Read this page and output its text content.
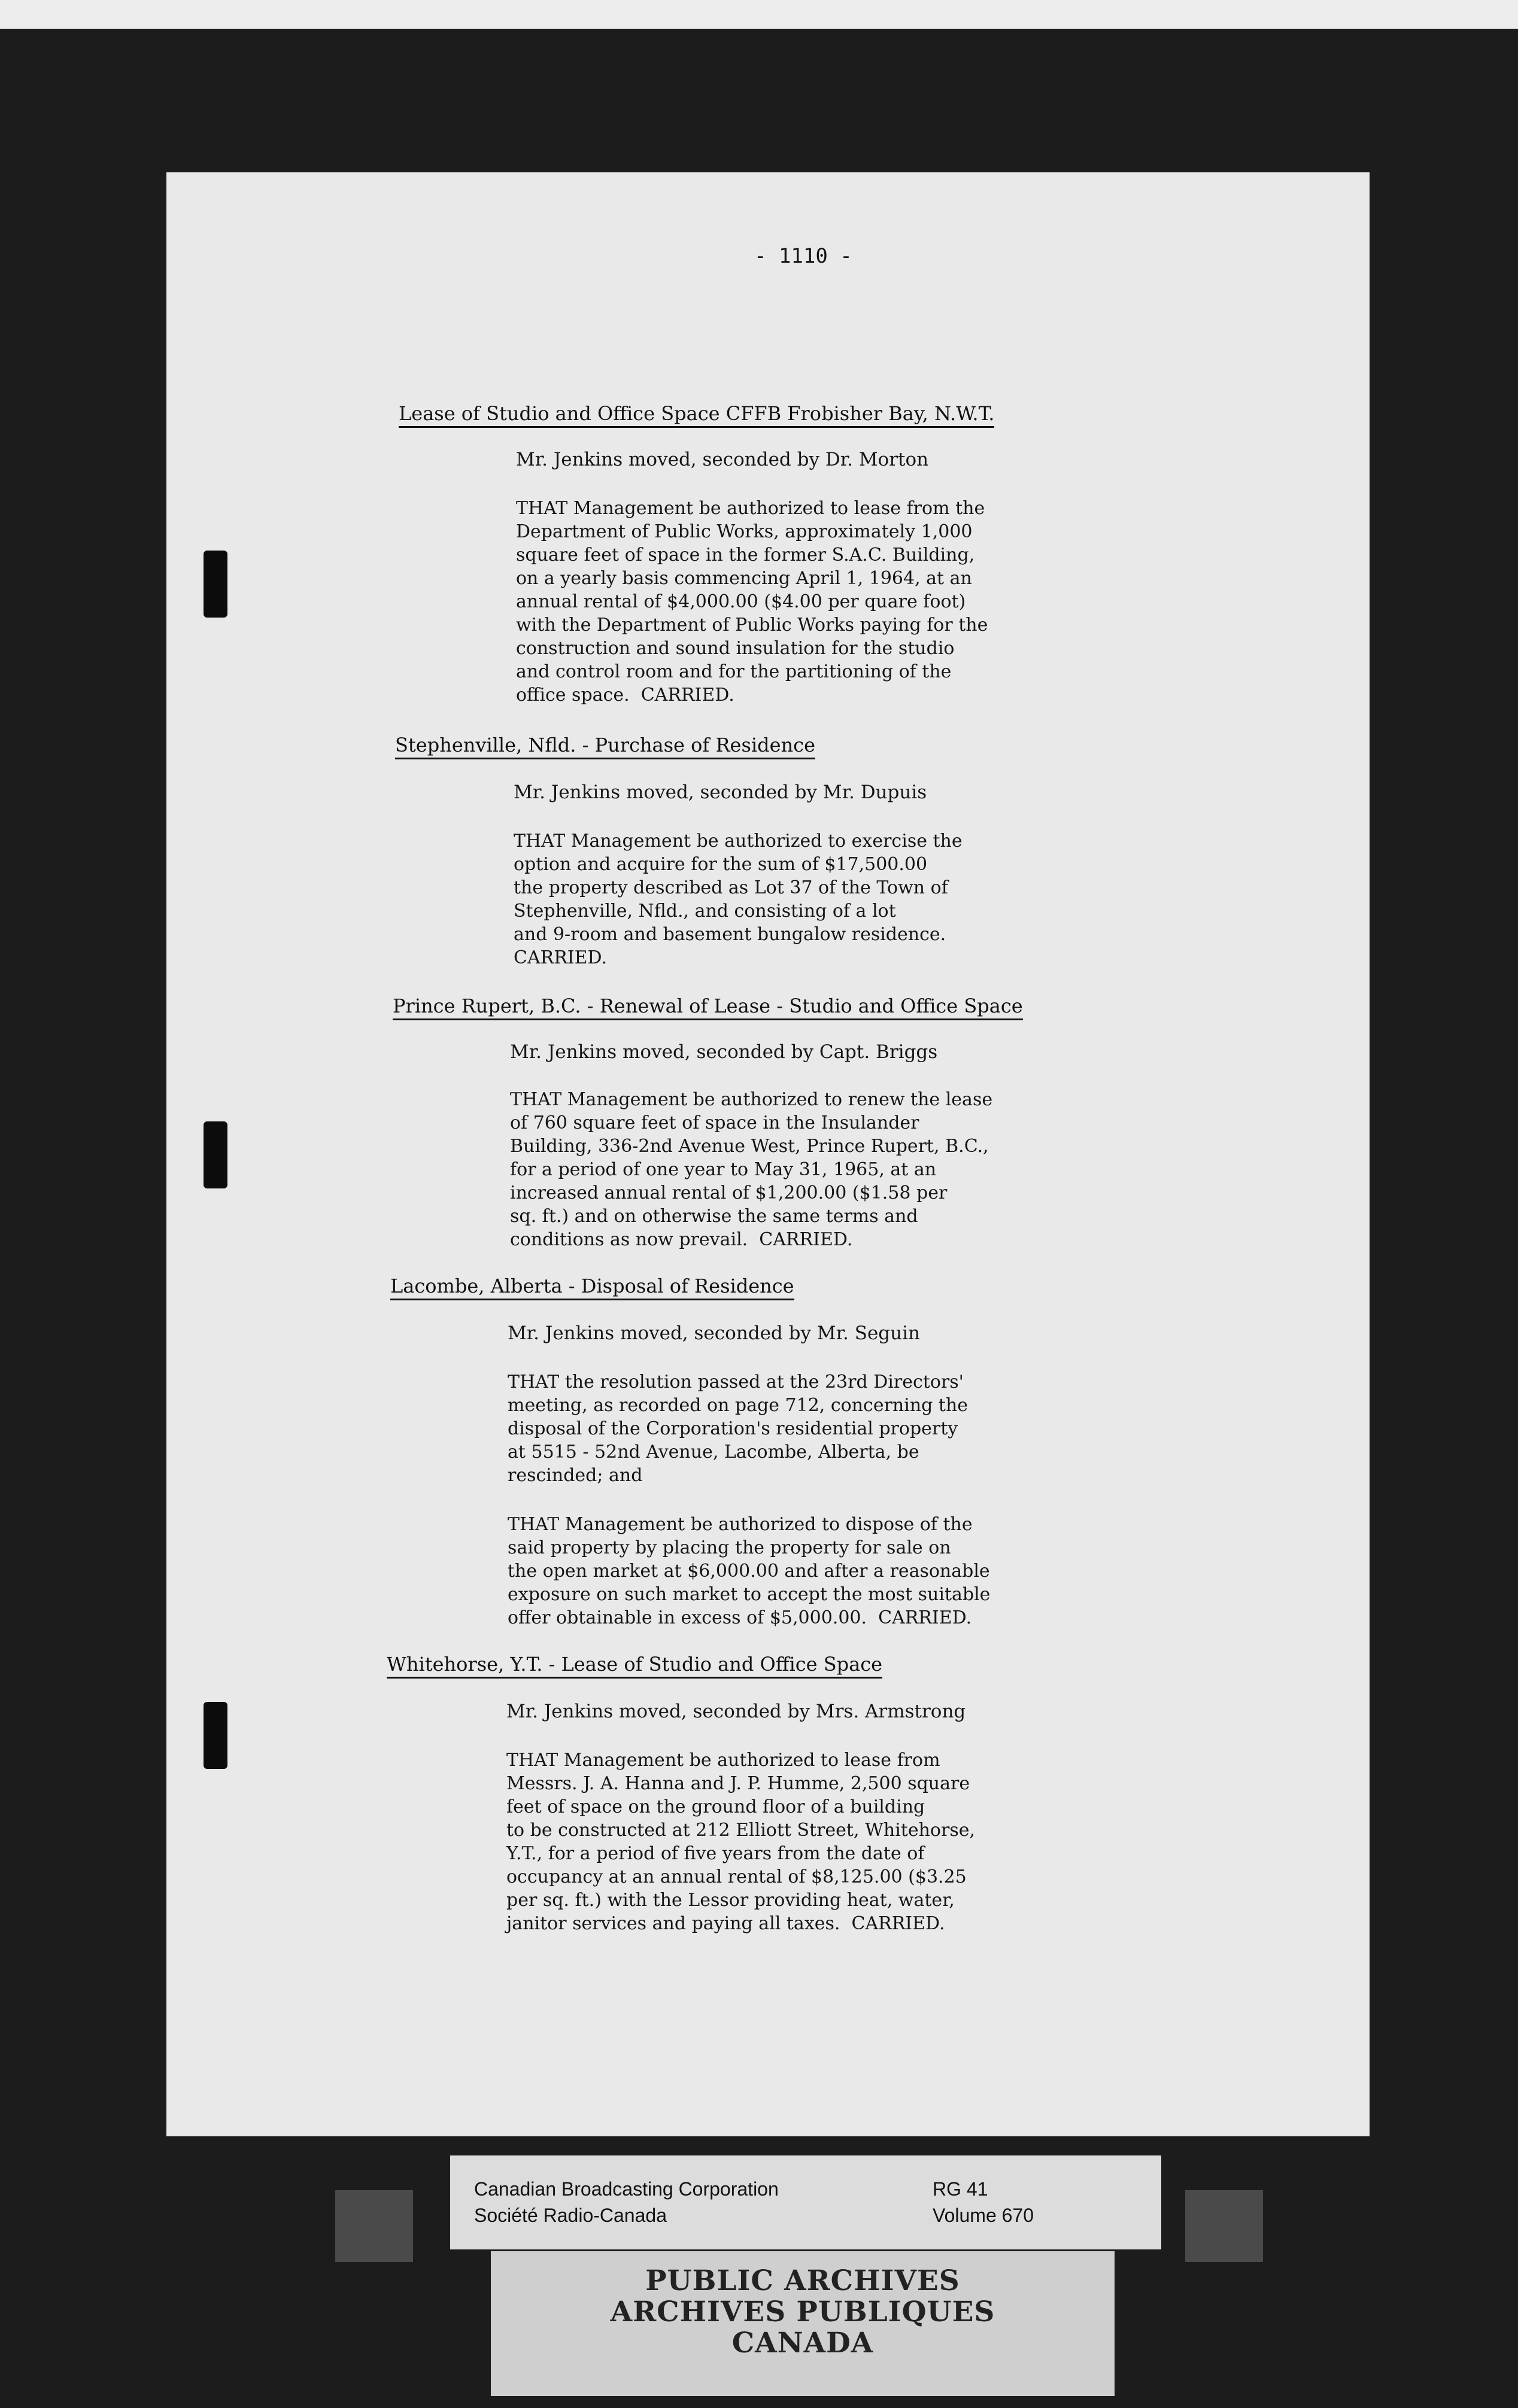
- 1110 -
Lease of Studio and Office Space CFFB Frobisher Bay, N.W.T.
Mr. Jenkins moved, seconded by Dr. Morton
THAT Management be authorized to lease from the
Department of Public Works, approximately 1,000
square feet of space in the former S.A.C. Building,
on a yearly basis commencing April 1, 1964, at an
annual rental of $4,000.00 ($4.00 per quare foot)
with the Department of Public Works paying for the
construction and sound insulation for the studio
and control room and for the partitioning of the
office space.  CARRIED.
Stephenville, Nfld. - Purchase of Residence
Mr. Jenkins moved, seconded by Mr. Dupuis
THAT Management be authorized to exercise the
option and acquire for the sum of $17,500.00
the property described as Lot 37 of the Town of
Stephenville, Nfld., and consisting of a lot
and 9-room and basement bungalow residence.
CARRIED.
Prince Rupert, B.C. - Renewal of Lease - Studio and Office Space
Mr. Jenkins moved, seconded by Capt. Briggs
THAT Management be authorized to renew the lease
of 760 square feet of space in the Insulander
Building, 336-2nd Avenue West, Prince Rupert, B.C.,
for a period of one year to May 31, 1965, at an
increased annual rental of $1,200.00 ($1.58 per
sq. ft.) and on otherwise the same terms and
conditions as now prevail.  CARRIED.
Lacombe, Alberta - Disposal of Residence
Mr. Jenkins moved, seconded by Mr. Seguin
THAT the resolution passed at the 23rd Directors'
meeting, as recorded on page 712, concerning the
disposal of the Corporation's residential property
at 5515 - 52nd Avenue, Lacombe, Alberta, be
rescinded; and
THAT Management be authorized to dispose of the
said property by placing the property for sale on
the open market at $6,000.00 and after a reasonable
exposure on such market to accept the most suitable
offer obtainable in excess of $5,000.00.  CARRIED.
Whitehorse, Y.T. - Lease of Studio and Office Space
Mr. Jenkins moved, seconded by Mrs. Armstrong
THAT Management be authorized to lease from
Messrs. J. A. Hanna and J. P. Humme, 2,500 square
feet of space on the ground floor of a building
to be constructed at 212 Elliott Street, Whitehorse,
Y.T., for a period of five years from the date of
occupancy at an annual rental of $8,125.00 ($3.25
per sq. ft.) with the Lessor providing heat, water,
janitor services and paying all taxes.  CARRIED.
Canadian Broadcasting Corporation
Société Radio-Canada
RG 41
Volume 670
PUBLIC ARCHIVES
ARCHIVES PUBLIQUES
CANADA
